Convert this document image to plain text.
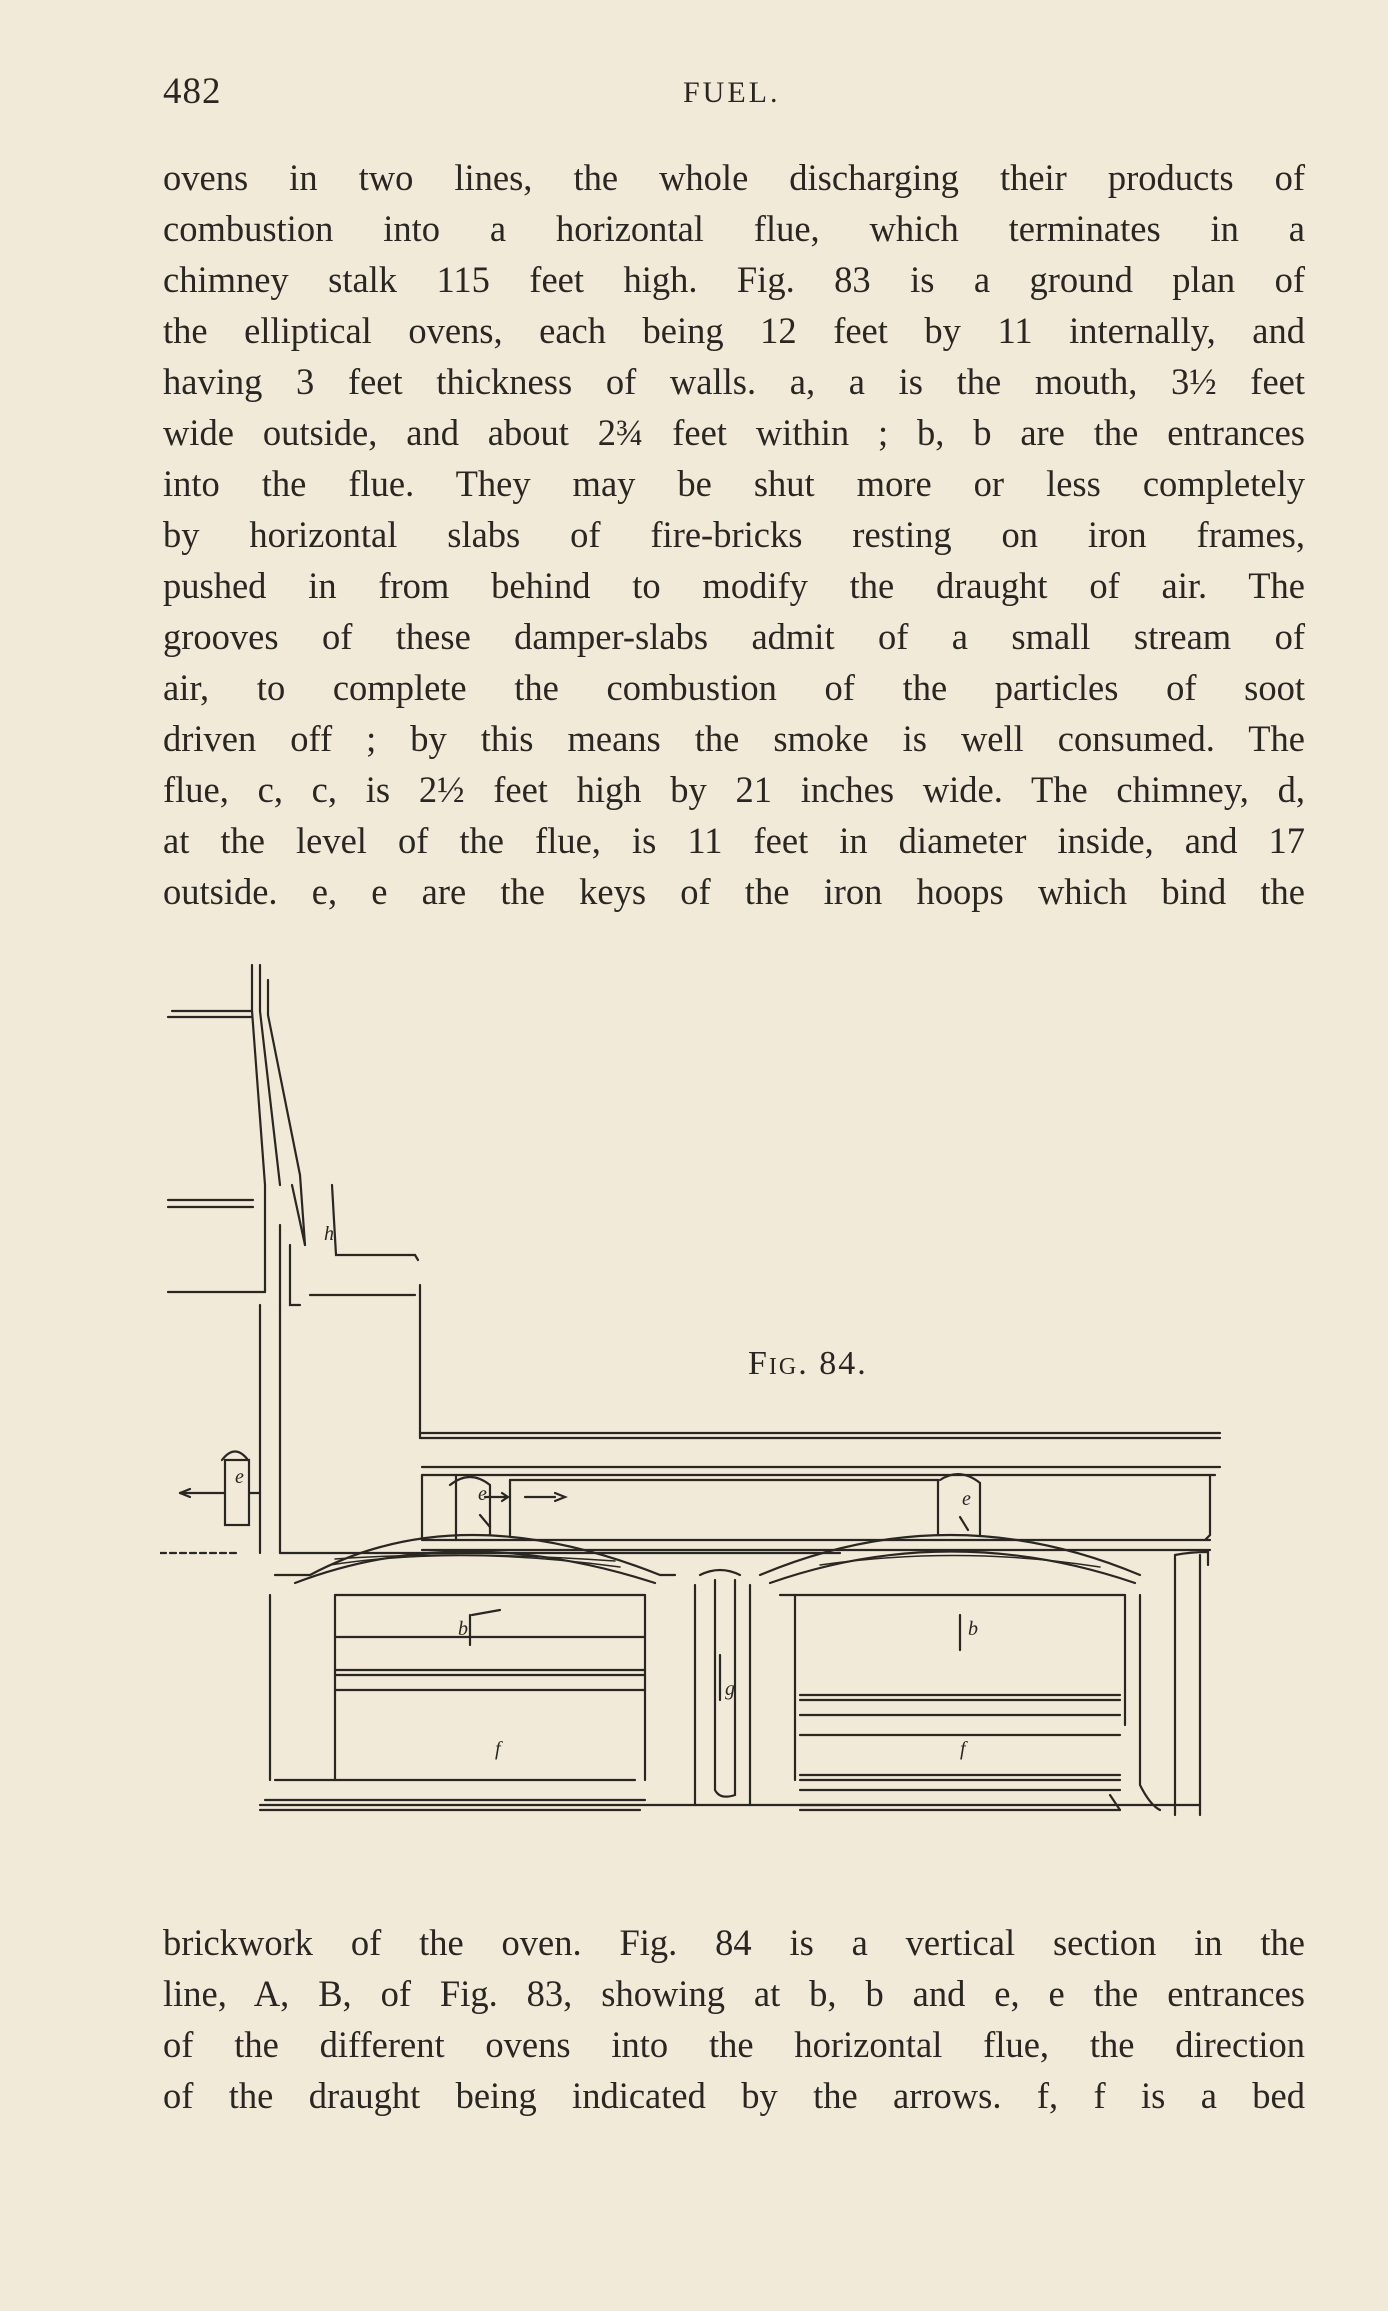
482	FUEL.
ovens in two lines, the whole discharging their products of
combustion into a horizontal flue, which terminates in a
chimney stalk 115 feet high. Fig. 83 is a ground plan of
the elliptical ovens, each being 12 feet by 11 internally, and
having 3 feet thickness of walls. a, a is the mouth, 3½ feet
wide outside, and about 2¾ feet within ; b, b are the entrances
into the flue. They may be shut more or less completely
by horizontal slabs of fire-bricks resting on iron frames,
pushed in from behind to modify the draught of air. The
grooves of these damper-slabs admit of a small stream of
air, to complete the combustion of the particles of soot
driven off ; by this means the smoke is well consumed. The
flue, c, c, is 2½ feet high by 21 inches wide. The chimney, d,
at the level of the flue, is 11 feet in diameter inside, and 17
outside. e, e are the keys of the iron hoops which bind the
h
e
e	e
b	b
g
f	f
Fig. 84.
brickwork of the oven. Fig. 84 is a vertical section in the
line, A, B, of Fig. 83, showing at b, b and e, e the entrances
of the different ovens into the horizontal flue, the direction
of the draught being indicated by the arrows. f, f is a bed
